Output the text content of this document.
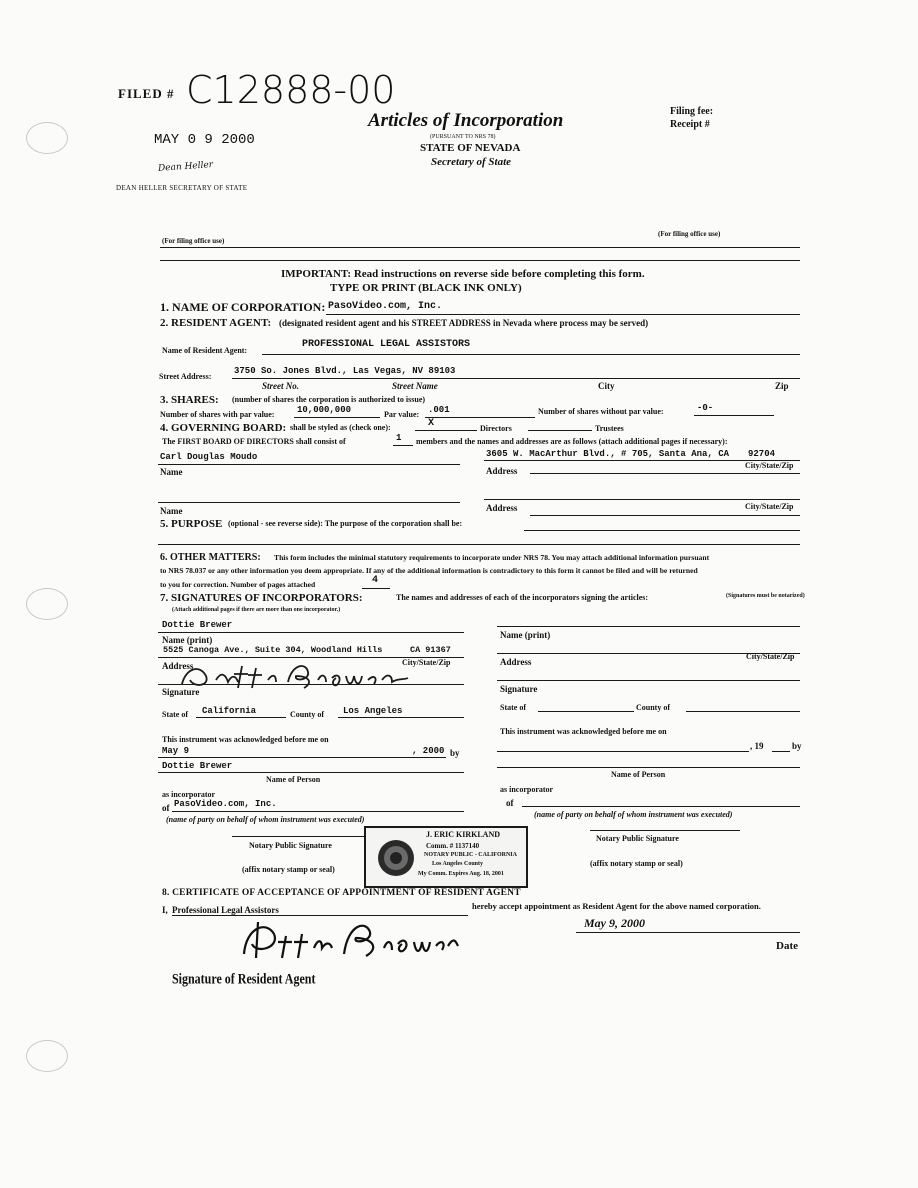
FILED # C12888-00
MAY 0 9 2000
Dean Heller
DEAN HELLER SECRETARY OF STATE
Articles of Incorporation
(PURSUANT TO NRS 78)
STATE OF NEVADA
Secretary of State
Filing fee:
Receipt #
(For filing office use)
(For filing office use)
IMPORTANT: Read instructions on reverse side before completing this form.
TYPE OR PRINT (BLACK INK ONLY)
1. NAME OF CORPORATION: PasoVideo.com, Inc.
2. RESIDENT AGENT: (designated resident agent and his STREET ADDRESS in Nevada where process may be served)
Name of Resident Agent:
PROFESSIONAL LEGAL ASSISTORS
Street Address:
3750 So. Jones Blvd., Las Vegas, NV 89103
Street No.	Street Name	City	Zip
3. SHARES: (number of shares the corporation is authorized to issue)
Number of shares with par value:	10,000,000	Par value: .001	Number of shares without par value:	-0-
4. GOVERNING BOARD: shall be styled as (check one):	X	Directors	Trustees
The FIRST BOARD OF DIRECTORS shall consist of	1 members and the names and addresses are as follows (attach additional pages if necessary):
Carl Douglas Moudo	3605 W. MacArthur Blvd., # 705, Santa Ana, CA 92704
Name	Address
City/State/Zip
Name	Address	City/State/Zip
5. PURPOSE (optional - see reverse side): The purpose of the corporation shall be:
6. OTHER MATTERS: This form includes the minimal statutory requirements to incorporate under NRS 78. You may attach additional information pursuant
to NRS 78.037 or any other information you deem appropriate. If any of the additional information is contradictory to this form it cannot be filed and will be returned
to you for correction. Number of pages attached	4
7. SIGNATURES OF INCORPORATORS:	The names and addresses of each of the incorporators signing the articles:	(Signatures must be notarized)
(Attach additional pages if there are more than one incorporator.)
Dottie Brewer
Name (print)
5525 Canoga Ave., Suite 304, Woodland Hills	CA 91367
Address	City/State/Zip
Signature
State of California	County of Los Angeles
This instrument was acknowledged before me on
May 9	, 2000 by
Dottie Brewer
Name of Person
as incorporator
of PasoVideo.com, Inc.
(name of party on behalf of whom instrument was executed)
Notary Public Signature
(affix notary stamp or seal)
J. ERIC KIRKLAND
Comm. # 1137140
NOTARY PUBLIC - CALIFORNIA
Los Angeles County
My Comm. Expires Aug. 18, 2001
Name (print)
Address
City/State/Zip
Signature
State of	County of
This instrument was acknowledged before me on
, 19	by
Name of Person
as incorporator
of
(name of party on behalf of whom instrument was executed)
Notary Public Signature
(affix notary stamp or seal)
8. CERTIFICATE OF ACCEPTANCE OF APPOINTMENT OF RESIDENT AGENT
I, Professional Legal Assistors	hereby accept appointment as Resident Agent for the above named corporation.
May 9, 2000
Date
Signature of Resident Agent
